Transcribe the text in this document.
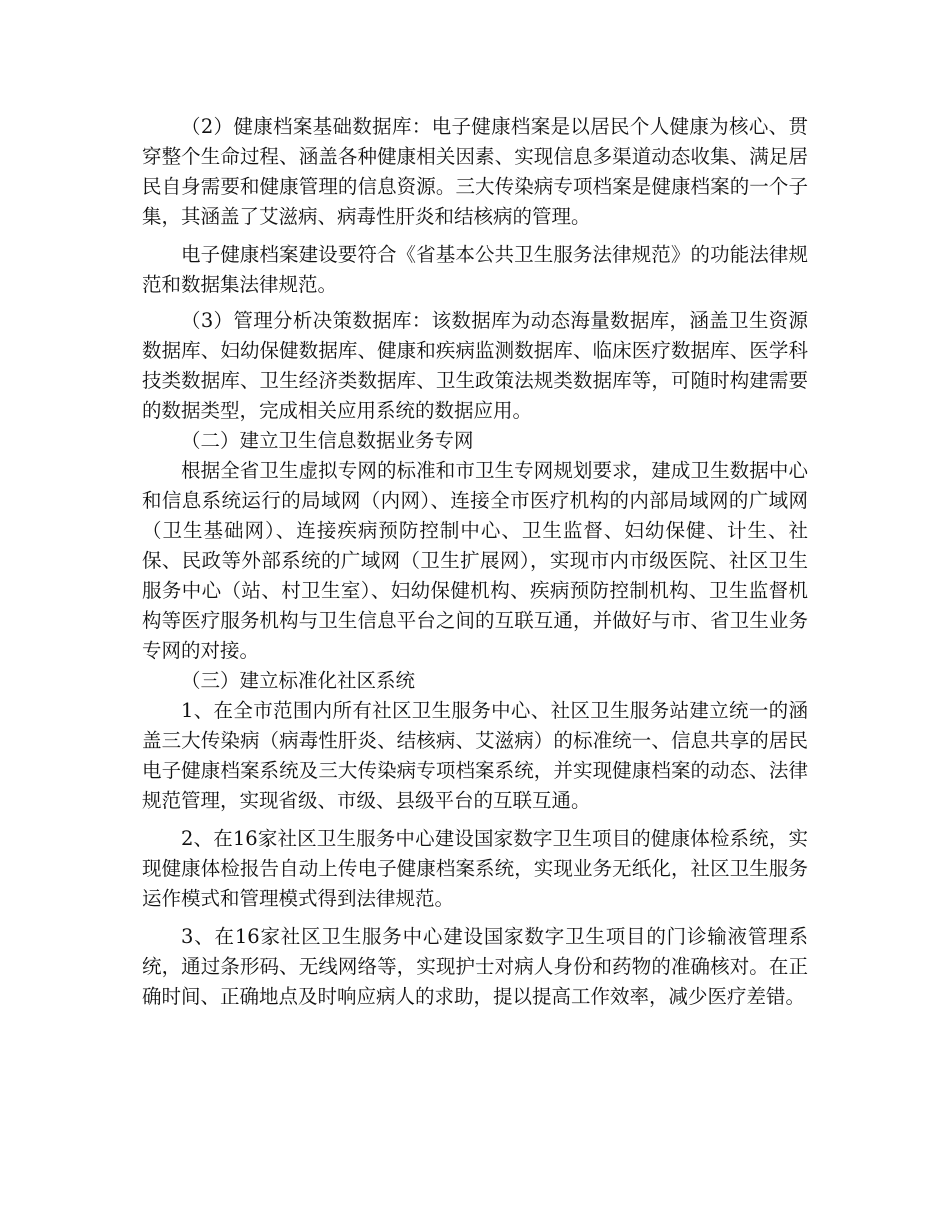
（2）健康档案基础数据库：电子健康档案是以居民个人健康为核心、贯穿整个生命过程、涵盖各种健康相关因素、实现信息多渠道动态收集、满足居民自身需要和健康管理的信息资源。三大传染病专项档案是健康档案的一个子集，其涵盖了艾滋病、病毒性肝炎和结核病的管理。

电子健康档案建设要符合《省基本公共卫生服务法律规范》的功能法律规范和数据集法律规范。

（3）管理分析决策数据库：该数据库为动态海量数据库，涵盖卫生资源数据库、妇幼保健数据库、健康和疾病监测数据库、临床医疗数据库、医学科技类数据库、卫生经济类数据库、卫生政策法规类数据库等，可随时构建需要的数据类型，完成相关应用系统的数据应用。

（二）建立卫生信息数据业务专网

根据全省卫生虚拟专网的标准和市卫生专网规划要求，建成卫生数据中心和信息系统运行的局域网（内网）、连接全市医疗机构的内部局域网的广域网（卫生基础网）、连接疾病预防控制中心、卫生监督、妇幼保健、计生、社保、民政等外部系统的广域网（卫生扩展网），实现市内市级医院、社区卫生服务中心（站、村卫生室）、妇幼保健机构、疾病预防控制机构、卫生监督机构等医疗服务机构与卫生信息平台之间的互联互通，并做好与市、省卫生业务专网的对接。

（三）建立标准化社区系统

1、在全市范围内所有社区卫生服务中心、社区卫生服务站建立统一的涵盖三大传染病（病毒性肝炎、结核病、艾滋病）的标准统一、信息共享的居民电子健康档案系统及三大传染病专项档案系统，并实现健康档案的动态、法律规范管理，实现省级、市级、县级平台的互联互通。

2、在16家社区卫生服务中心建设国家数字卫生项目的健康体检系统，实现健康体检报告自动上传电子健康档案系统，实现业务无纸化，社区卫生服务运作模式和管理模式得到法律规范。

3、在16家社区卫生服务中心建设国家数字卫生项目的门诊输液管理系统，通过条形码、无线网络等，实现护士对病人身份和药物的准确核对。在正确时间、正确地点及时响应病人的求助，提以提高工作效率，减少医疗差错。
